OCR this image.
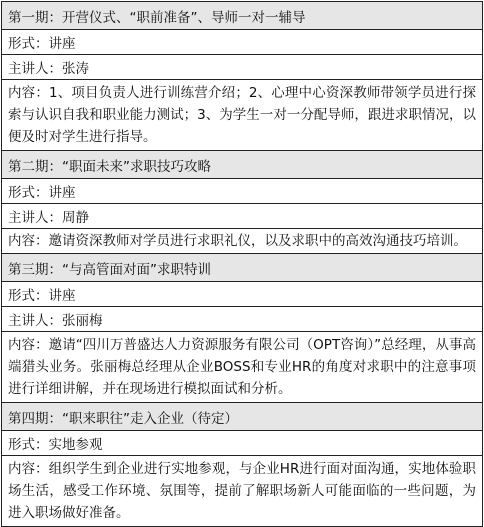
第一期：开营仪式、“职前准备”、导师一对一辅导
形式：讲座
主讲人：张涛

内容：1、项目负责人进行训练营介绍；2、心理中心资深教师带领学员进行探索与认识自我和职业能力测试；3、为学生一对一分配导师，跟进求职情况，以便及时对学生进行指导。

第二期：“职面未来”求职技巧攻略
形式：讲座
主讲人：周静

内容：邀请资深教师对学员进行求职礼仪，以及求职中的高效沟通技巧培训。

第三期：“与高管面对面”求职特训
形式：讲座
主讲人：张丽梅

内容：邀请“四川万普盛达人力资源服务有限公司（OPT咨询）”总经理，从事高端猎头业务。张丽梅总经理从企业BOSS和专业HR的角度对求职中的注意事项进行详细讲解，并在现场进行模拟面试和分析。

第四期：“职来职往”走入企业（待定）
形式：实地参观

内容：组织学生到企业进行实地参观，与企业HR进行面对面沟通，实地体验职场生活，感受工作环境、氛围等，提前了解职场新人可能面临的一些问题，为进入职场做好准备。
